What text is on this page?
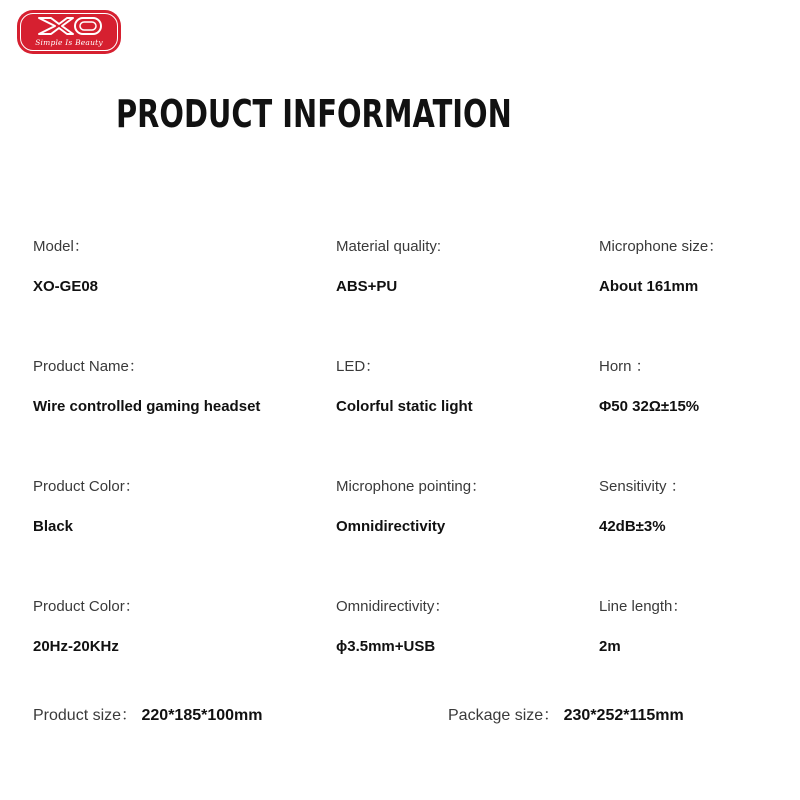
Simple Is Beauty
PRODUCT INFORMATION
Model：
XO-GE08
Material quality:
ABS+PU
Microphone size：
About 161mm
Product Name：
Wire controlled gaming headset
LED：
Colorful static light
Horn ：
Φ50 32Ω±15%
Product Color：
Black
Microphone pointing：
Omnidirectivity
Sensitivity ：
42dB±3%
Product Color：
20Hz-20KHz
Omnidirectivity：
ϕ3.5mm+USB
Line length：
2m
Product size： 220*185*100mm	Package size： 230*252*115mm
